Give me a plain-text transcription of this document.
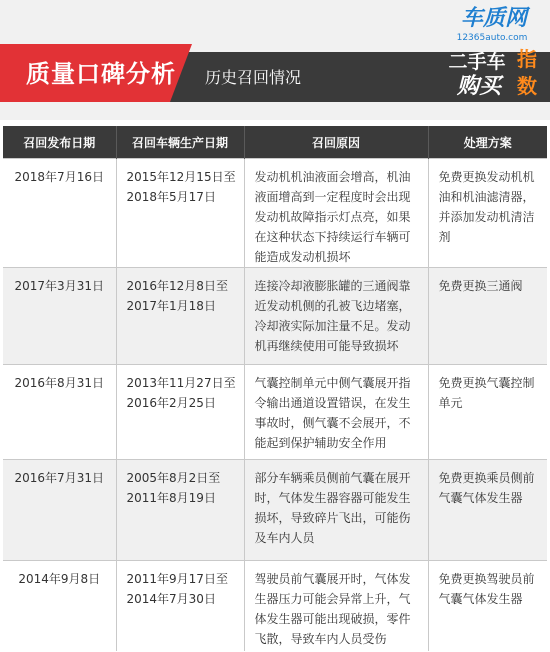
质量口碑分析 历史召回情况
车质网
12365auto.com
二手车
购买
指数
召回发布日期	召回车辆生产日期	召回原因	处理方案
2018年7月16日	2015年12月15日至2018年5月17日	发动机机油液面会增高，机油液面增高到一定程度时会出现发动机故障指示灯点亮，如果在这种状态下持续运行车辆可能造成发动机损坏	免费更换发动机机油和机油滤清器，并添加发动机清洁剂
2017年3月31日	2016年12月8日至2017年1月18日	连接冷却液膨胀罐的三通阀靠近发动机侧的孔被飞边堵塞，冷却液实际加注量不足。发动机再继续使用可能导致损坏	免费更换三通阀
2016年8月31日	2013年11月27日至2016年2月25日	气囊控制单元中侧气囊展开指令输出通道设置错误，在发生事故时，侧气囊不会展开，不能起到保护辅助安全作用	免费更换气囊控制单元
2016年7月31日	2005年8月2日至2011年8月19日	部分车辆乘员侧前气囊在展开时，气体发生器容器可能发生损坏，导致碎片飞出，可能伤及车内人员	免费更换乘员侧前气囊气体发生器
2014年9月8日	2011年9月17日至2014年7月30日	驾驶员前气囊展开时，气体发生器压力可能会异常上升，气体发生器可能出现破损，零件飞散，导致车内人员受伤	免费更换驾驶员前气囊气体发生器
